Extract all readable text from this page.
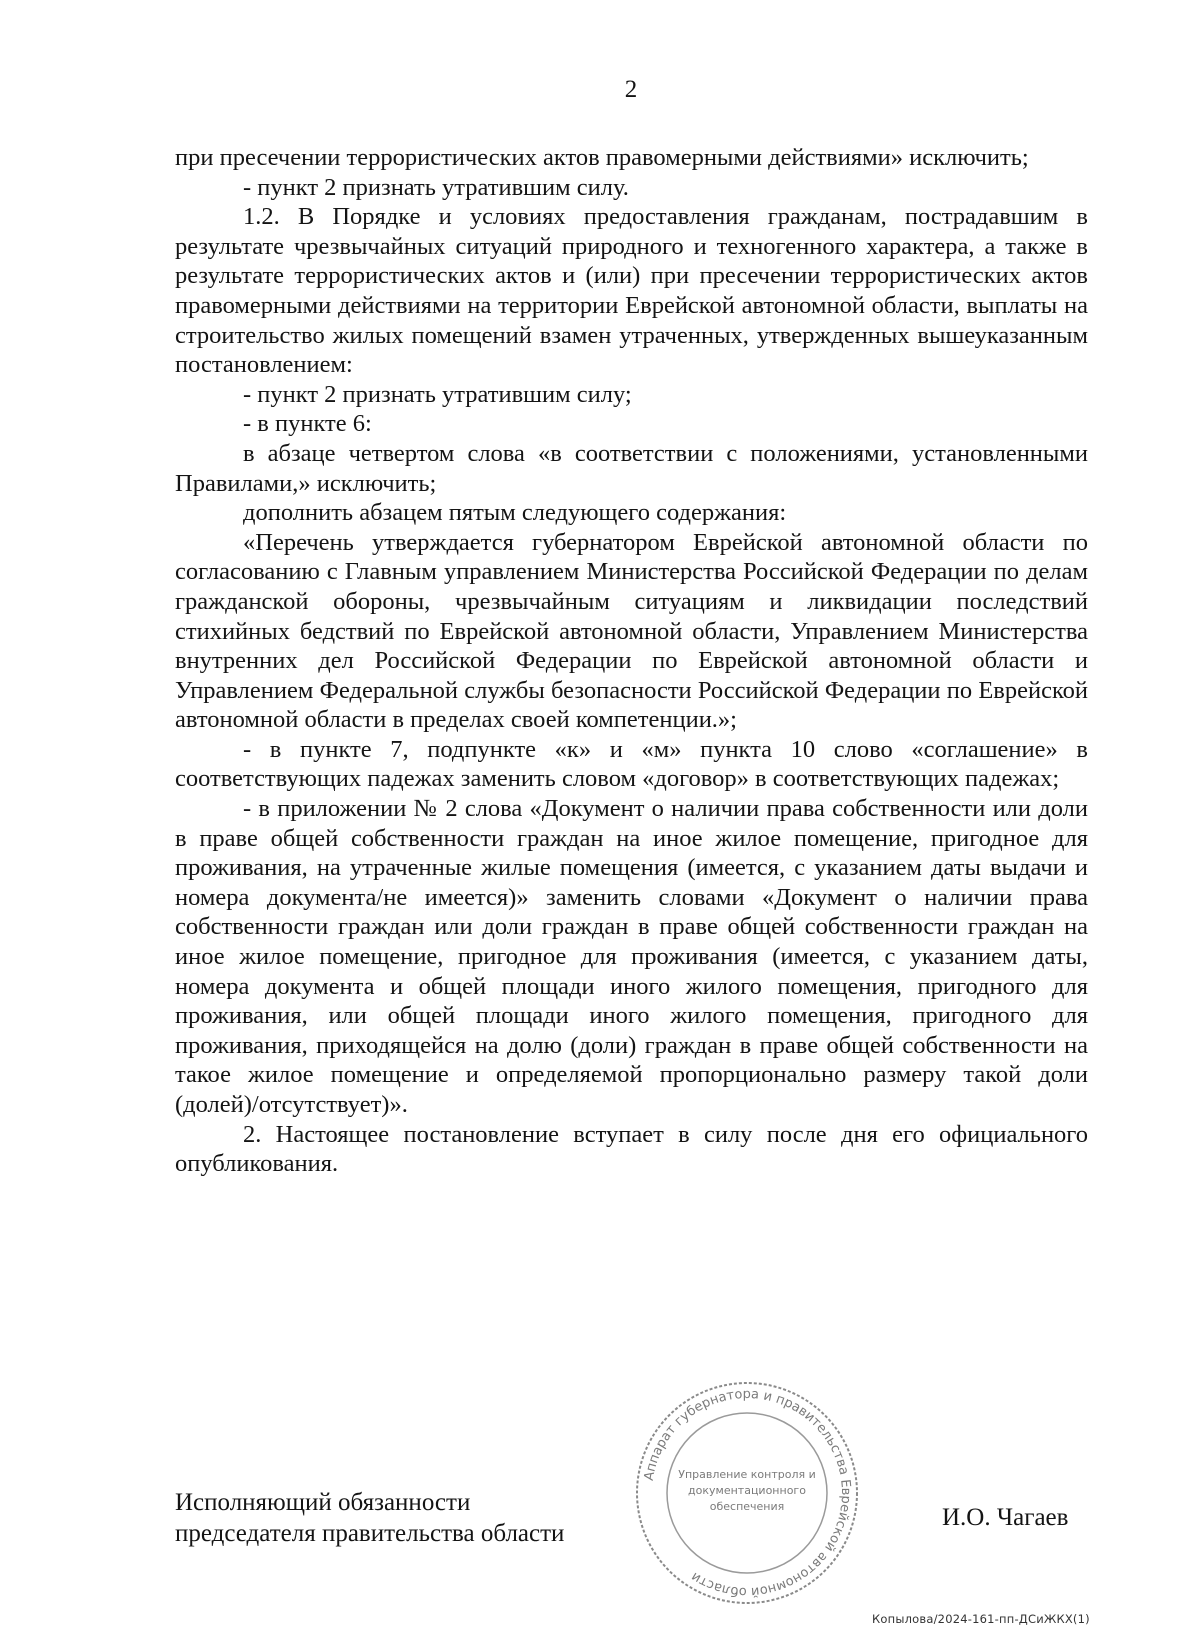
2

при пресечении террористических актов правомерными действиями» исключить;

- пункт 2 признать утратившим силу.

1.2. В Порядке и условиях предоставления гражданам, пострадавшим в результате чрезвычайных ситуаций природного и техногенного характера, а также в результате террористических актов и (или) при пресечении террористических актов правомерными действиями на территории Еврейской автономной области, выплаты на строительство жилых помещений взамен утраченных, утвержденных вышеуказанным постановлением:

- пункт 2 признать утратившим силу;

- в пункте 6:

в абзаце четвертом слова «в соответствии с положениями, установленными Правилами,» исключить;

дополнить абзацем пятым следующего содержания:

«Перечень утверждается губернатором Еврейской автономной области по согласованию с Главным управлением Министерства Российской Федерации по делам гражданской обороны, чрезвычайным ситуациям и ликвидации последствий стихийных бедствий по Еврейской автономной области, Управлением Министерства внутренних дел Российской Федерации по Еврейской автономной области и Управлением Федеральной службы безопасности Российской Федерации по Еврейской автономной области в пределах своей компетенции.»;

- в пункте 7, подпункте «к» и «м» пункта 10 слово «соглашение» в соответствующих падежах заменить словом «договор» в соответствующих падежах;

- в приложении № 2 слова «Документ о наличии права собственности или доли в праве общей собственности граждан на иное жилое помещение, пригодное для проживания, на утраченные жилые помещения (имеется, с указанием даты выдачи и номера документа/не имеется)» заменить словами «Документ о наличии права собственности граждан или доли граждан в праве общей собственности граждан на иное жилое помещение, пригодное для проживания (имеется, с указанием даты, номера документа и общей площади иного жилого помещения, пригодного для проживания, или общей площади иного жилого помещения, пригодного для проживания, приходящейся на долю (доли) граждан в праве общей собственности на такое жилое помещение и определяемой пропорционально размеру такой доли (долей)/отсутствует)».

2. Настоящее постановление вступает в силу после дня его официального опубликования.

Исполняющий обязанности
председателя правительства области
И.О. Чагаев
Аппарат губернатора и правительства Еврейской автономной области
Управление контроля и
документационного
обеспечения
Копылова/2024-161-пп-ДСиЖКХ(1)
